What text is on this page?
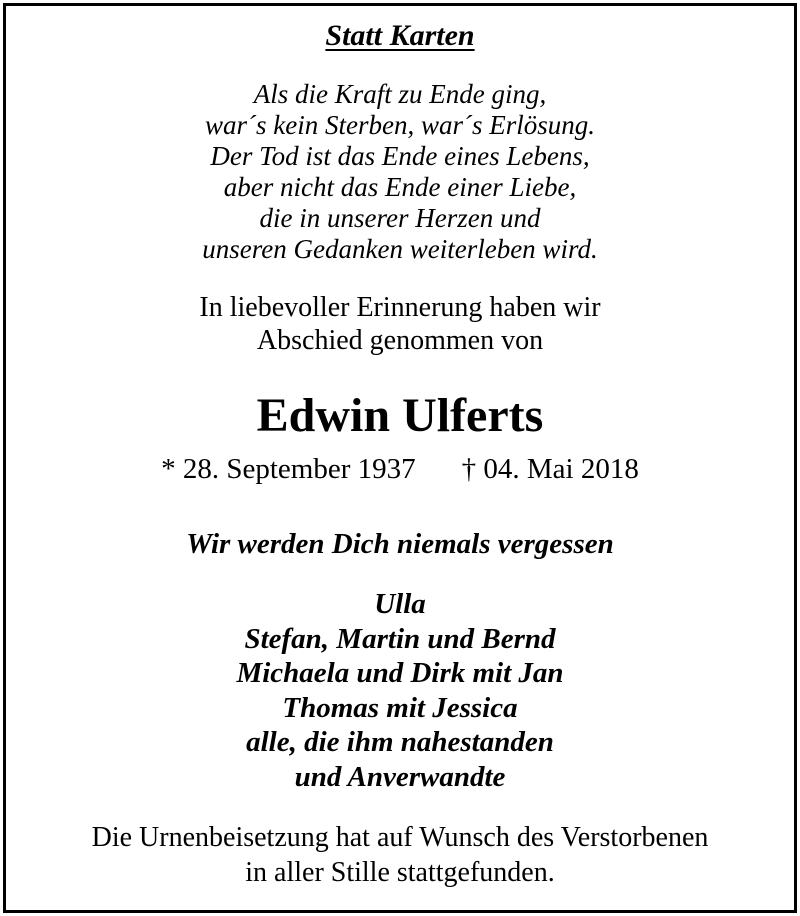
Statt Karten
Als die Kraft zu Ende ging,
war´s kein Sterben, war´s Erlösung.
Der Tod ist das Ende eines Lebens,
aber nicht das Ende einer Liebe,
die in unserer Herzen und
unseren Gedanken weiterleben wird.
In liebevoller Erinnerung haben wir
Abschied genommen von
Edwin Ulferts
* 28. September 1937 † 04. Mai 2018
Wir werden Dich niemals vergessen
Ulla
Stefan, Martin und Bernd
Michaela und Dirk mit Jan
Thomas mit Jessica
alle, die ihm nahestanden
und Anverwandte
Die Urnenbeisetzung hat auf Wunsch des Verstorbenen
in aller Stille stattgefunden.
